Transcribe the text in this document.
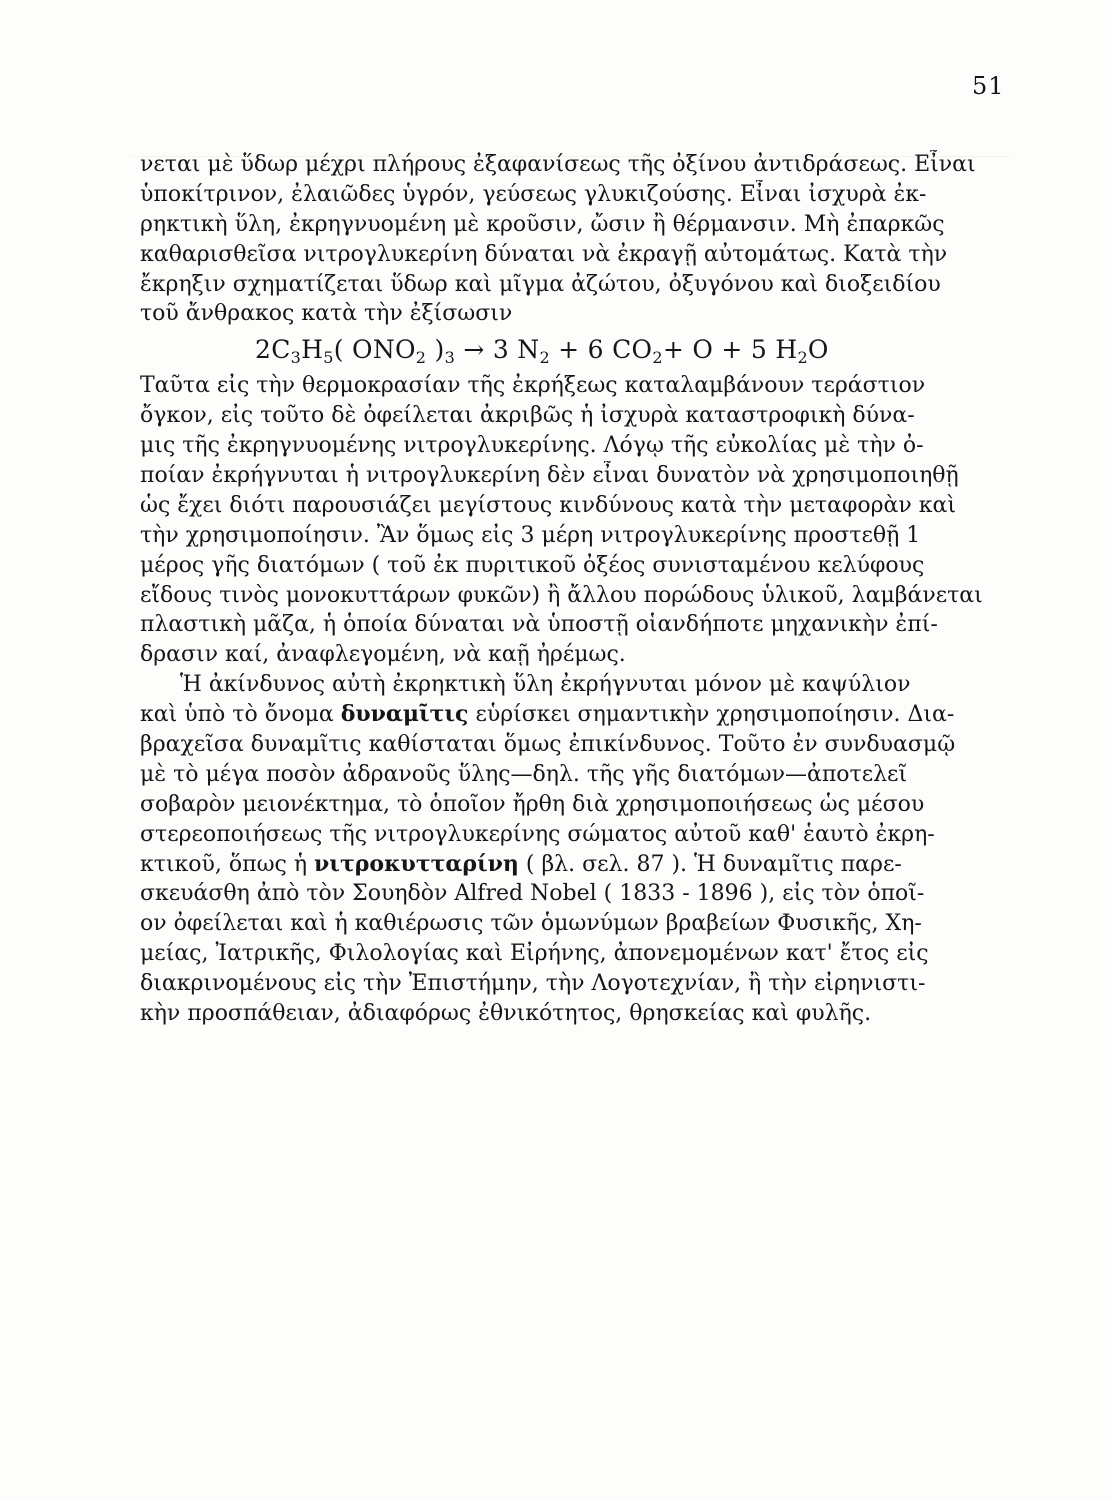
51
νεται μὲ ὕδωρ μέχρι πλήρους ἐξαφανίσεως τῆς ὀξίνου ἀντιδράσεως. Εἶναι
ὑποκίτρινον, ἐλαιῶδες ὑγρόν, γεύσεως γλυκιζούσης. Εἶναι ἰσχυρὰ ἐκ-
ρηκτικὴ ὕλη, ἐκρηγνυομένη μὲ κροῦσιν, ὤσιν ἢ θέρμανσιν. Μὴ ἐπαρκῶς
καθαρισθεῖσα νιτρογλυκερίνη δύναται νὰ ἐκραγῇ αὐτομάτως. Κατὰ τὴν
ἔκρηξιν σχηματίζεται ὕδωρ καὶ μῖγμα ἀζώτου, ὀξυγόνου καὶ διοξειδίου
τοῦ ἄνθρακος κατὰ τὴν ἐξίσωσιν
$2C_3H_5$( $ONO_2$ )$_3 \to 3$ $N_2 + 6$ $CO_2+ O + 5$ $H_2O$
Ταῦτα εἰς τὴν θερμοκρασίαν τῆς ἐκρήξεως καταλαμβάνουν τεράστιον
ὄγκον, εἰς τοῦτο δὲ ὀφείλεται ἀκριβῶς ἡ ἰσχυρὰ καταστροφικὴ δύνα-
μις τῆς ἐκρηγνυομένης νιτρογλυκερίνης. Λόγῳ τῆς εὐκολίας μὲ τὴν ὀ-
ποίαν ἐκρήγνυται ἡ νιτρογλυκερίνη δὲν εἶναι δυνατὸν νὰ χρησιμοποιηθῇ
ὡς ἔχει διότι παρουσιάζει μεγίστους κινδύνους κατὰ τὴν μεταφορὰν καὶ
τὴν χρησιμοποίησιν. Ἂν ὅμως εἰς 3 μέρη νιτρογλυκερίνης προστεθῇ 1
μέρος γῆς διατόμων ( τοῦ ἐκ πυριτικοῦ ὀξέος συνισταμένου κελύφους
εἴδους τινὸς μονοκυττάρων φυκῶν) ἢ ἄλλου πορώδους ὑλικοῦ, λαμβάνεται
πλαστικὴ μᾶζα, ἡ ὁποία δύναται νὰ ὑποστῇ οἱανδήποτε μηχανικὴν ἐπί-
δρασιν καί, ἀναφλεγομένη, νὰ καῇ ἠρέμως.
Ἡ ἀκίνδυνος αὐτὴ ἐκρηκτικὴ ὕλη ἐκρήγνυται μόνον μὲ καψύλιον
καὶ ὑπὸ τὸ ὄνομα δυναμῖτις εὑρίσκει σημαντικὴν χρησιμοποίησιν. Δια-
βραχεῖσα δυναμῖτις καθίσταται ὅμως ἐπικίνδυνος. Τοῦτο ἐν συνδυασμῷ
μὲ τὸ μέγα ποσὸν ἀδρανοῦς ὕλης—δηλ. τῆς γῆς διατόμων—ἀποτελεῖ
σοβαρὸν μειονέκτημα, τὸ ὁποῖον ἤρθη διὰ χρησιμοποιήσεως ὡς μέσου
στερεοποιήσεως τῆς νιτρογλυκερίνης σώματος αὐτοῦ καθ' ἑαυτὸ ἐκρη-
κτικοῦ, ὅπως ἡ νιτροκυτταρίνη ( βλ. σελ. 87 ). Ἡ δυναμῖτις παρε-
σκευάσθη ἀπὸ τὸν Σουηδὸν Alfred Nobel ( 1833 - 1896 ), εἰς τὸν ὁποῖ-
ον ὀφείλεται καὶ ἡ καθιέρωσις τῶν ὁμωνύμων βραβείων Φυσικῆς, Χη-
μείας, Ἰατρικῆς, Φιλολογίας καὶ Εἰρήνης, ἀπονεμομένων κατ' ἔτος εἰς
διακρινομένους εἰς τὴν Ἐπιστήμην, τὴν Λογοτεχνίαν, ἢ τὴν εἰρηνιστι-
κὴν προσπάθειαν, ἀδιαφόρως ἐθνικότητος, θρησκείας καὶ φυλῆς.
